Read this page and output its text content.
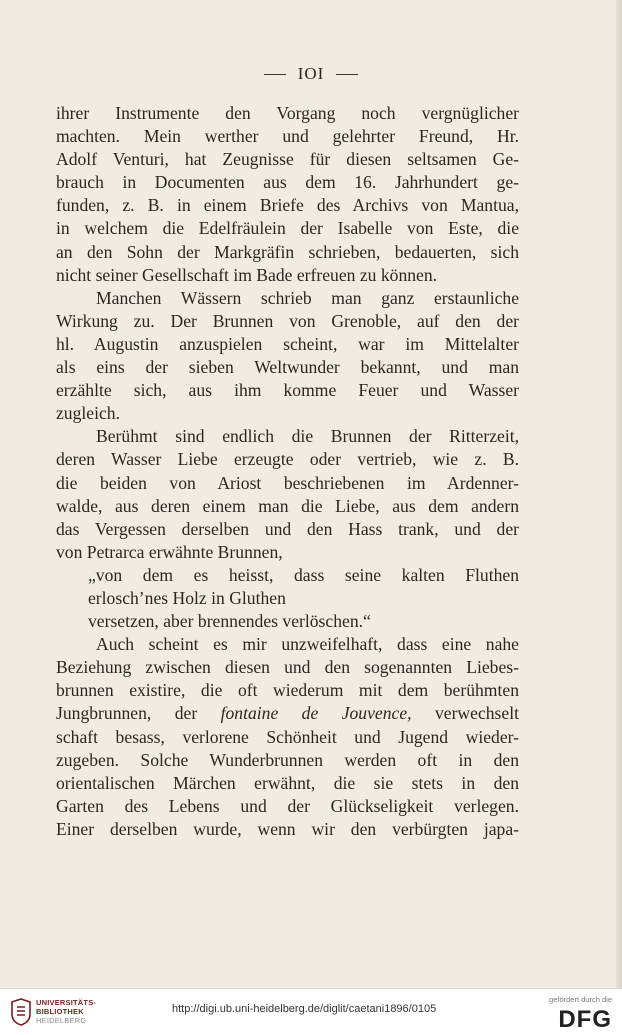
IOI
ihrer Instrumente den Vorgang noch vergnüglicher
machten. Mein werther und gelehrter Freund, Hr.
Adolf Venturi, hat Zeugnisse für diesen seltsamen Ge-
brauch in Documenten aus dem 16. Jahrhundert ge-
funden, z. B. in einem Briefe des Archivs von Mantua,
in welchem die Edelfräulein der Isabelle von Este, die
an den Sohn der Markgräfin schrieben, bedauerten, sich
nicht seiner Gesellschaft im Bade erfreuen zu können.
Manchen Wässern schrieb man ganz erstaunliche
Wirkung zu. Der Brunnen von Grenoble, auf den der
hl. Augustin anzuspielen scheint, war im Mittelalter
als eins der sieben Weltwunder bekannt, und man
erzählte sich, aus ihm komme Feuer und Wasser
zugleich.
Berühmt sind endlich die Brunnen der Ritterzeit,
deren Wasser Liebe erzeugte oder vertrieb, wie z. B.
die beiden von Ariost beschriebenen im Ardenner-
walde, aus deren einem man die Liebe, aus dem andern
das Vergessen derselben und den Hass trank, und der
von Petrarca erwähnte Brunnen,
„von dem es heisst, dass seine kalten Fluthen
erlosch’nes Holz in Gluthen
versetzen, aber brennendes verlöschen.“
Auch scheint es mir unzweifelhaft, dass eine nahe
Beziehung zwischen diesen und den sogenannten Liebes-
brunnen existire, die oft wiederum mit dem berühmten
Jungbrunnen, der fontaine de Jouvence, verwechselt
schaft besass, verlorene Schönheit und Jugend wieder-
zugeben. Solche Wunderbrunnen werden oft in den
orientalischen Märchen erwähnt, die sie stets in den
Garten des Lebens und der Glückseligkeit verlegen.
Einer derselben wurde, wenn wir den verbürgten japa-
UNIVERSITÄTS-
BIBLIOTHEK
HEIDELBERG
http://digi.ub.uni-heidelberg.de/diglit/caetani1896/0105
gefördert durch die
DFG
